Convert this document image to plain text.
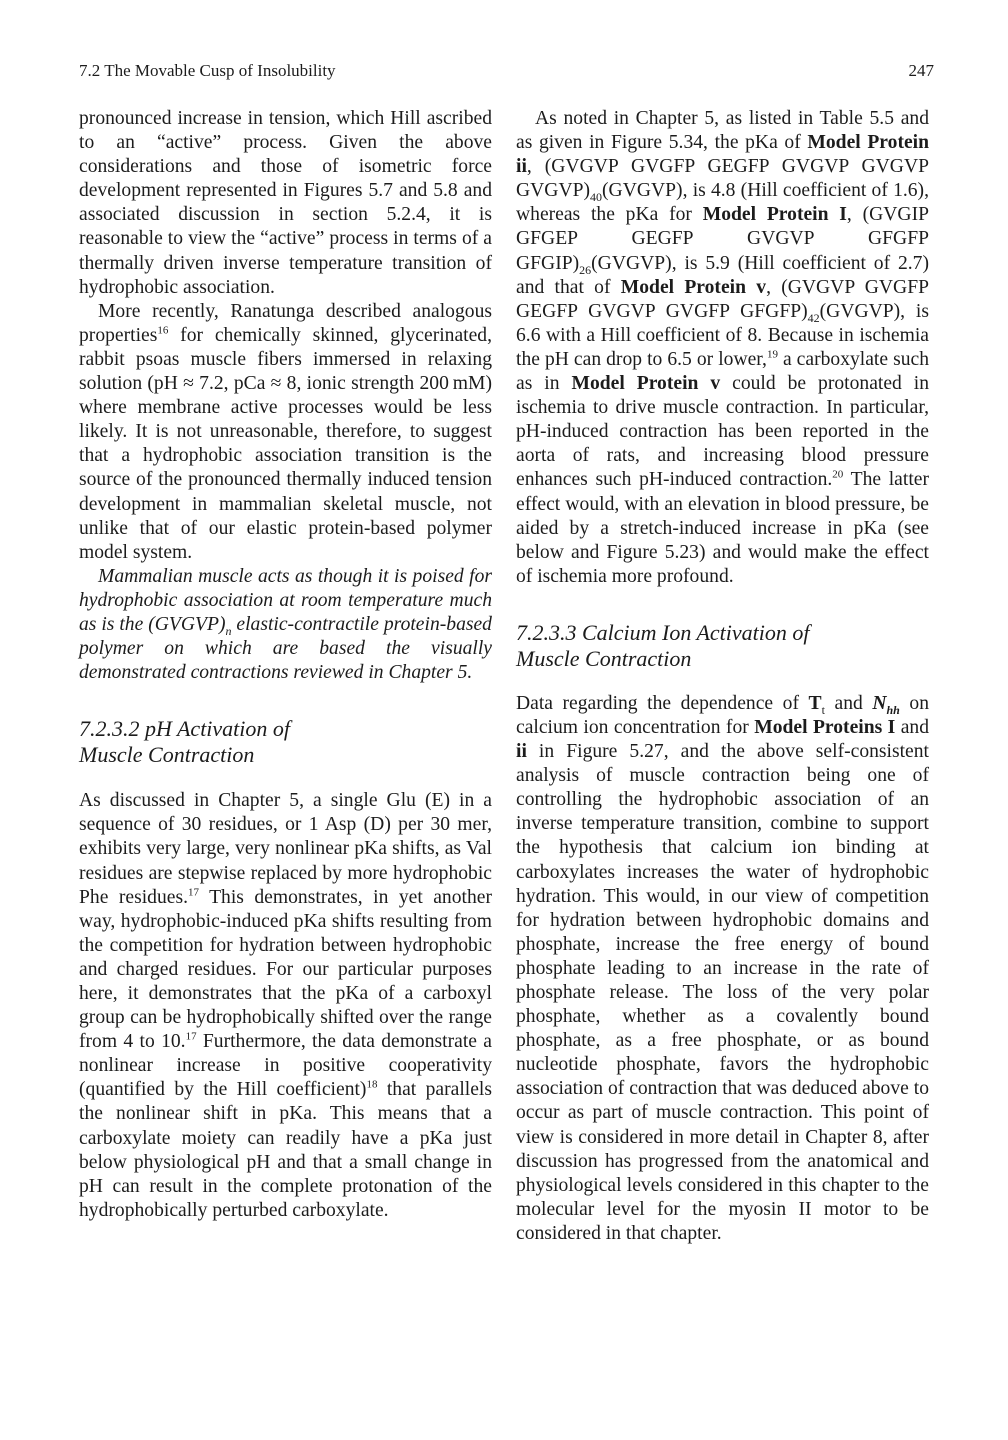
7.2 The Movable Cusp of Insolubility	247

pronounced increase in tension, which Hill ascribed to an “active” process. Given the above considerations and those of isometric force development represented in Figures 5.7 and 5.8 and associated discussion in section 5.2.4, it is reasonable to view the “active” process in terms of a thermally driven inverse temperature transition of hydrophobic association.

More recently, Ranatunga described analogous properties$^{16}$ for chemically skinned, glycerinated, rabbit psoas muscle fibers immersed in relaxing solution (pH ≈ 7.2, pCa ≈ 8, ionic strength 200 mM) where membrane active processes would be less likely. It is not unreasonable, therefore, to suggest that a hydrophobic association transition is the source of the pronounced thermally induced tension development in mammalian skeletal muscle, not unlike that of our elastic protein-based polymer model system.

Mammalian muscle acts as though it is poised for hydrophobic association at room temperature much as is the $(GVGVP)_n$ elastic-contractile protein-based polymer on which are based the visually demonstrated contractions reviewed in Chapter 5.

7.2.3.2 pH Activation of
Muscle Contraction

As discussed in Chapter 5, a single Glu (E) in a sequence of 30 residues, or 1 Asp (D) per 30 mer, exhibits very large, very nonlinear pKa shifts, as Val residues are stepwise replaced by more hydrophobic Phe residues.$^{17}$ This demonstrates, in yet another way, hydrophobic-induced pKa shifts resulting from the competition for hydration between hydrophobic and charged residues. For our particular purposes here, it demonstrates that the pKa of a carboxyl group can be hydrophobically shifted over the range from 4 to 10.17 Furthermore, the data demonstrate a nonlinear increase in positive cooperativity (quantified by the Hill coefficient)$^{18}$ that parallels the nonlinear shift in pKa. This means that a carboxylate moiety can readily have a pKa just below physiological pH and that a small change in pH can result in the complete protonation of the hydrophobically perturbed carboxylate.

As noted in Chapter 5, as listed in Table 5.5 and as given in Figure 5.34, the pKa of Model Protein ii, (GVGVP GVGFP GEGFP GVGVP GVGVP $GVGVP)_{40}(GVGVP)$, is 4.8 (Hill coefficient of 1.6), whereas the pKa for Model Protein I, (GVGIP GFGEP GEGFP GVGVP GFGFP $GFGIP)_{26}(GVGVP)$, is 5.9 (Hill coefficient of 2.7) and that of Model Protein v, (GVGVP GVGFP GEGFP GVGVP GVGFP $GFGFP)_{42}(GVGVP)$, is 6.6 with a Hill coefficient of 8. Because in ischemia the pH can drop to 6.5 or lower,$^{19}$ a carboxylate such as in Model Protein v could be protonated in ischemia to drive muscle contraction. In particular, pH-induced contraction has been reported in the aorta of rats, and increasing blood pressure enhances such pH-induced contraction.$^{20}$ The latter effect would, with an elevation in blood pressure, be aided by a stretch-induced increase in pKa (see below and Figure 5.23) and would make the effect of ischemia more profound.

7.2.3.3 Calcium Ion Activation of
Muscle Contraction

Data regarding the dependence of $T_t$ and $N_{hh}$ on calcium ion concentration for Model Proteins I and ii in Figure 5.27, and the above self-consistent analysis of muscle contraction being one of controlling the hydrophobic association of an inverse temperature transition, combine to support the hypothesis that calcium ion binding at carboxylates increases the water of hydrophobic hydration. This would, in our view of competition for hydration between hydrophobic domains and phosphate, increase the free energy of bound phosphate leading to an increase in the rate of phosphate release. The loss of the very polar phosphate, whether as a covalently bound phosphate, as a free phosphate, or as bound nucleotide phosphate, favors the hydrophobic association of contraction that was deduced above to occur as part of muscle contraction. This point of view is considered in more detail in Chapter 8, after discussion has progressed from the anatomical and physiological levels considered in this chapter to the molecular level for the myosin II motor to be considered in that chapter.
